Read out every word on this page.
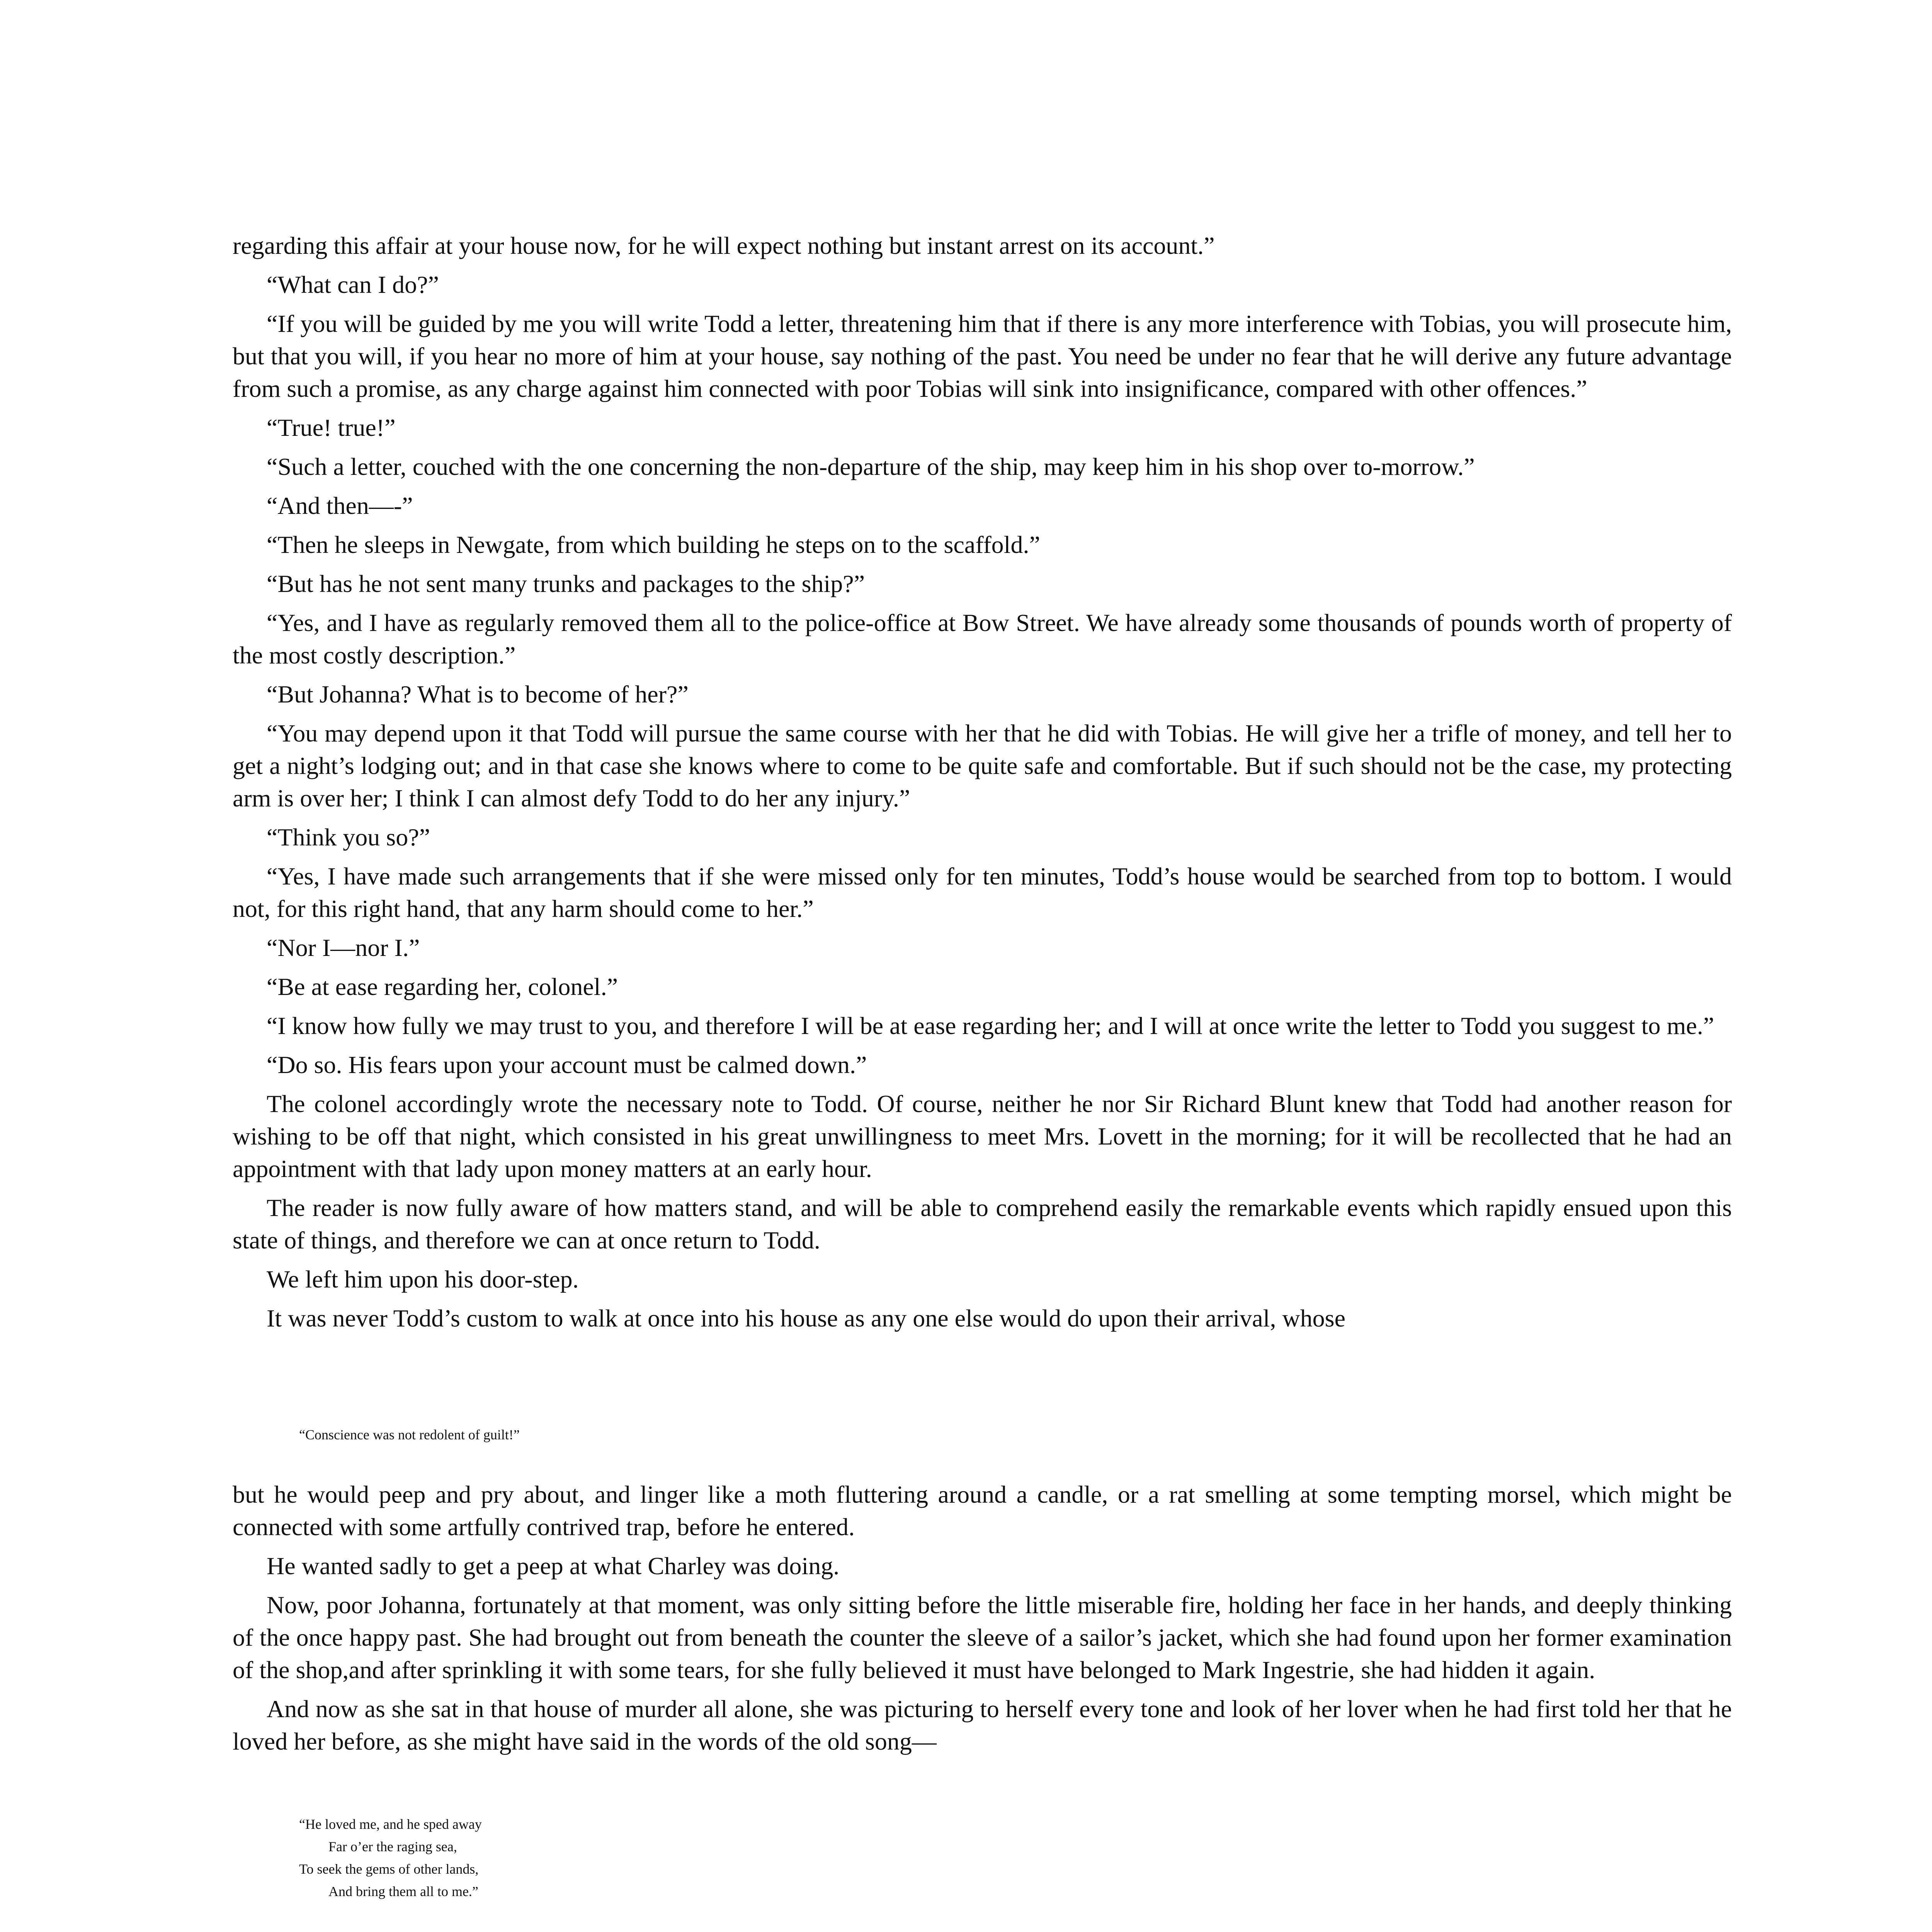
regarding this affair at your house now, for he will expect nothing but instant arrest on its account.”

“What can I do?”

“If you will be guided by me you will write Todd a letter, threatening him that if there is any more interference with Tobias, you will prosecute him, but that you will, if you hear no more of him at your house, say nothing of the past. You need be under no fear that he will derive any future advantage from such a promise, as any charge against him connected with poor Tobias will sink into insignificance, compared with other offences.”

“True! true!”

“Such a letter, couched with the one concerning the non-departure of the ship, may keep him in his shop over to-morrow.”

“And then—-”

“Then he sleeps in Newgate, from which building he steps on to the scaffold.”

“But has he not sent many trunks and packages to the ship?”

“Yes, and I have as regularly removed them all to the police-office at Bow Street. We have already some thousands of pounds worth of property of the most costly description.”

“But Johanna? What is to become of her?”

“You may depend upon it that Todd will pursue the same course with her that he did with Tobias. He will give her a trifle of money, and tell her to get a night’s lodging out; and in that case she knows where to come to be quite safe and comfortable. But if such should not be the case, my protecting arm is over her; I think I can almost defy Todd to do her any injury.”

“Think you so?”

“Yes, I have made such arrangements that if she were missed only for ten minutes, Todd’s house would be searched from top to bottom. I would not, for this right hand, that any harm should come to her.”

“Nor I—nor I.”

“Be at ease regarding her, colonel.”

“I know how fully we may trust to you, and therefore I will be at ease regarding her; and I will at once write the letter to Todd you suggest to me.”

“Do so. His fears upon your account must be calmed down.”

The colonel accordingly wrote the necessary note to Todd. Of course, neither he nor Sir Richard Blunt knew that Todd had another reason for wishing to be off that night, which consisted in his great unwillingness to meet Mrs. Lovett in the morning; for it will be recollected that he had an appointment with that lady upon money matters at an early hour.

The reader is now fully aware of how matters stand, and will be able to comprehend easily the remarkable events which rapidly ensued upon this state of things, and therefore we can at once return to Todd.

We left him upon his door-step.

It was never Todd’s custom to walk at once into his house as any one else would do upon their arrival, whose

“Conscience was not redolent of guilt!”

but he would peep and pry about, and linger like a moth fluttering around a candle, or a rat smelling at some tempting morsel, which might be connected with some artfully contrived trap, before he entered.

He wanted sadly to get a peep at what Charley was doing.

Now, poor Johanna, fortunately at that moment, was only sitting before the little miserable fire, holding her face in her hands, and deeply thinking of the once happy past. She had brought out from beneath the counter the sleeve of a sailor’s jacket, which she had found upon her former examination of the shop,and after sprinkling it with some tears, for she fully believed it must have belonged to Mark Ingestrie, she had hidden it again.

And now as she sat in that house of murder all alone, she was picturing to herself every tone and look of her lover when he had first told her that he loved her before, as she might have said in the words of the old song—

“He loved me, and he sped away
Far o’er the raging sea,
To seek the gems of other lands,
And bring them all to me.”
